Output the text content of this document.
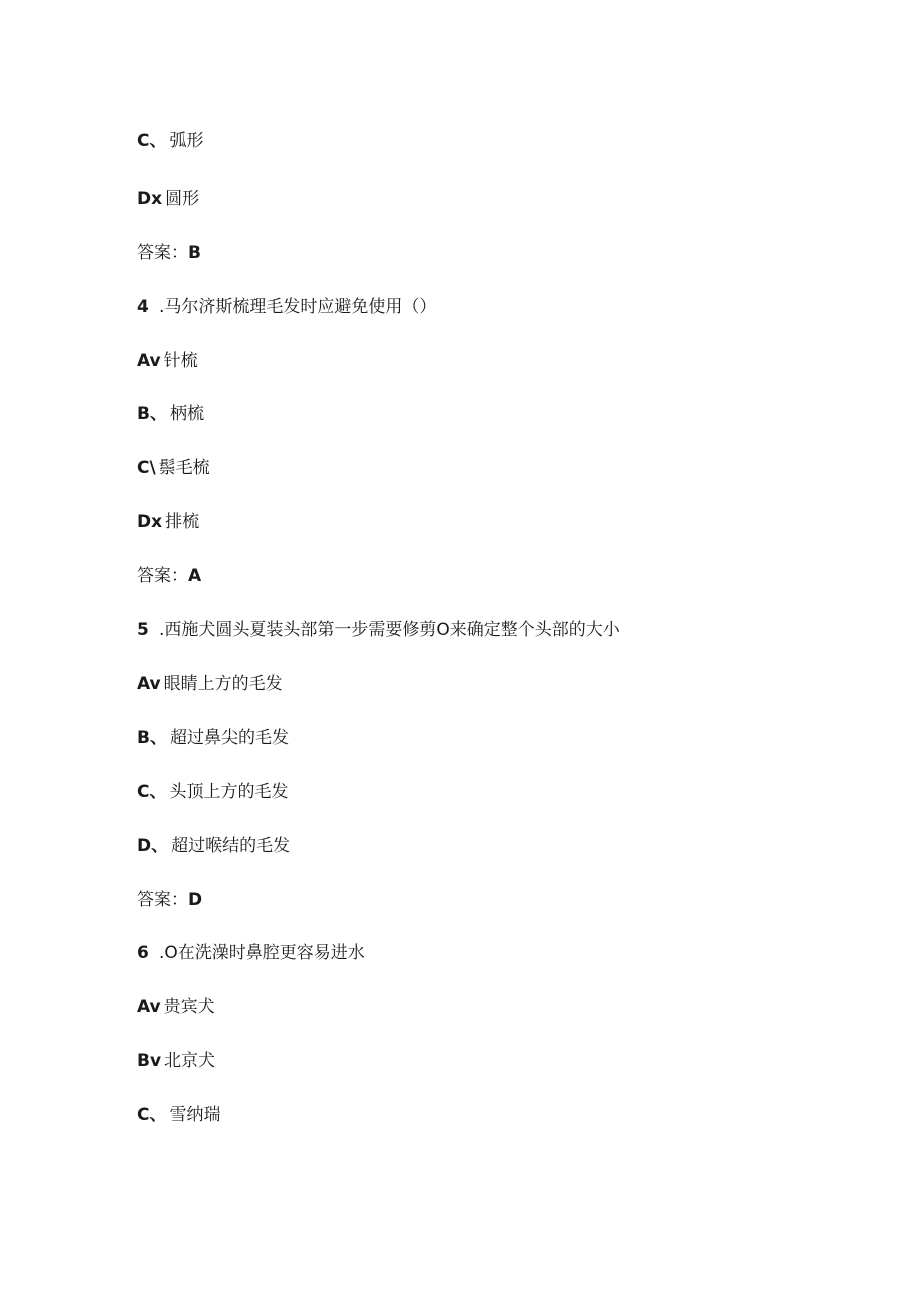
C、 弧形
Dx 圆形
答案：B
4 .马尔济斯梳理毛发时应避免使用（）
Av 针梳
B、 柄梳
C\ 鬃毛梳
Dx 排梳
答案：A
5 .西施犬圆头夏装头部第一步需要修剪O来确定整个头部的大小
Av 眼睛上方的毛发
B、 超过鼻尖的毛发
C、 头顶上方的毛发
D、 超过喉结的毛发
答案：D
6 .O在洗澡时鼻腔更容易进水
Av 贵宾犬
Bv 北京犬
C、 雪纳瑞
